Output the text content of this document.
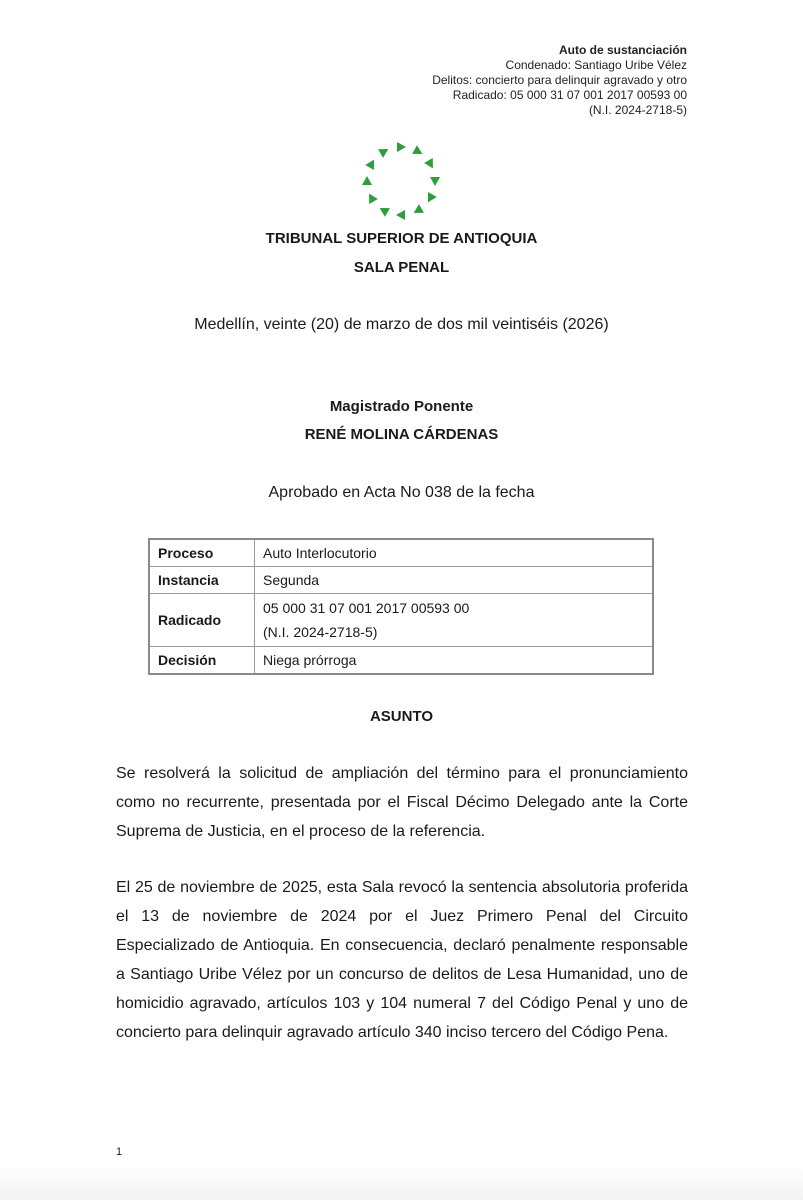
Auto de sustanciación
Condenado: Santiago Uribe Vélez
Delitos: concierto para delinquir agravado y otro
Radicado: 05 000 31 07 001 2017 00593 00
(N.I. 2024-2718-5)
TRIBUNAL SUPERIOR DE ANTIOQUIA
SALA PENAL
Medellín, veinte (20) de marzo de dos mil veintiséis (2026)
Magistrado Ponente
RENÉ MOLINA CÁRDENAS
Aprobado en Acta No 038 de la fecha
Proceso	Auto Interlocutorio
Instancia	Segunda
Radicado	05 000 31 07 001 2017 00593 00
(N.I. 2024-2718-5)

Decisión	Niega prórroga
ASUNTO

Se resolverá la solicitud de ampliación del término para el pronunciamiento como no recurrente, presentada por el Fiscal Décimo Delegado ante la Corte Suprema de Justicia, en el proceso de la referencia.

El 25 de noviembre de 2025, esta Sala revocó la sentencia absolutoria proferida el 13 de noviembre de 2024 por el Juez Primero Penal del Circuito Especializado de Antioquia. En consecuencia, declaró penalmente responsable a Santiago Uribe Vélez por un concurso de delitos de Lesa Humanidad, uno de homicidio agravado, artículos 103 y 104 numeral 7 del Código Penal y uno de concierto para delinquir agravado artículo 340 inciso tercero del Código Pena.

1
